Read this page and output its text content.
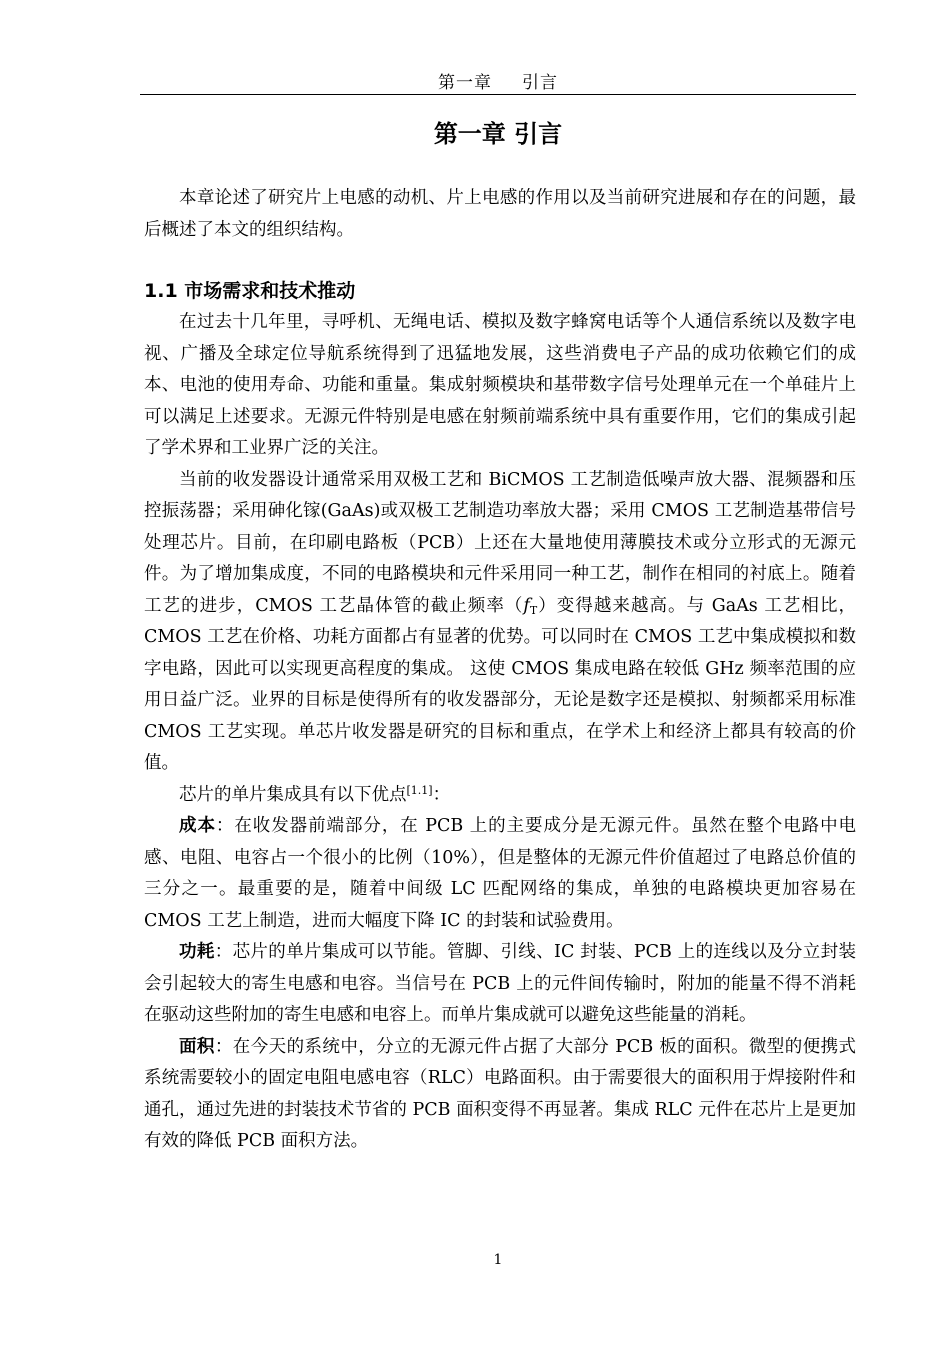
第一章 引言
第一章 引言

本章论述了研究片上电感的动机、片上电感的作用以及当前研究进展和存在的问题，最后概述了本文的组织结构。

1.1 市场需求和技术推动

在过去十几年里，寻呼机、无绳电话、模拟及数字蜂窝电话等个人通信系统以及数字电视、广播及全球定位导航系统得到了迅猛地发展，这些消费电子产品的成功依赖它们的成本、电池的使用寿命、功能和重量。集成射频模块和基带数字信号处理单元在一个单硅片上可以满足上述要求。无源元件特别是电感在射频前端系统中具有重要作用，它们的集成引起了学术界和工业界广泛的关注。

当前的收发器设计通常采用双极工艺和 BiCMOS 工艺制造低噪声放大器、混频器和压控振荡器；采用砷化镓(GaAs)或双极工艺制造功率放大器；采用 CMOS 工艺制造基带信号处理芯片。目前，在印刷电路板（PCB）上还在大量地使用薄膜技术或分立形式的无源元件。为了增加集成度，不同的电路模块和元件采用同一种工艺，制作在相同的衬底上。随着工艺的进步，CMOS 工艺晶体管的截止频率$(f_T)$变得越来越高。与 GaAs 工艺相比，CMOS 工艺在价格、功耗方面都占有显著的优势。可以同时在 CMOS 工艺中集成模拟和数字电路，因此可以实现更高程度的集成。 这使 CMOS 集成电路在较低 GHz 频率范围的应用日益广泛。业界的目标是使得所有的收发器部分，无论是数字还是模拟、射频都采用标准 CMOS 工艺实现。单芯片收发器是研究的目标和重点，在学术上和经济上都具有较高的价值。

芯片的单片集成具有以下优点[1.1]：

成本：在收发器前端部分，在 PCB 上的主要成分是无源元件。虽然在整个电路中电感、电阻、电容占一个很小的比例（10%），但是整体的无源元件价值超过了电路总价值的三分之一。最重要的是，随着中间级 LC 匹配网络的集成，单独的电路模块更加容易在 CMOS 工艺上制造，进而大幅度下降 IC 的封装和试验费用。

功耗：芯片的单片集成可以节能。管脚、引线、IC 封装、PCB 上的连线以及分立封装会引起较大的寄生电感和电容。当信号在 PCB 上的元件间传输时，附加的能量不得不消耗在驱动这些附加的寄生电感和电容上。而单片集成就可以避免这些能量的消耗。

面积：在今天的系统中，分立的无源元件占据了大部分 PCB 板的面积。微型的便携式系统需要较小的固定电阻电感电容（RLC）电路面积。由于需要很大的面积用于焊接附件和通孔，通过先进的封装技术节省的 PCB 面积变得不再显著。集成 RLC 元件在芯片上是更加有效的降低 PCB 面积方法。

1
